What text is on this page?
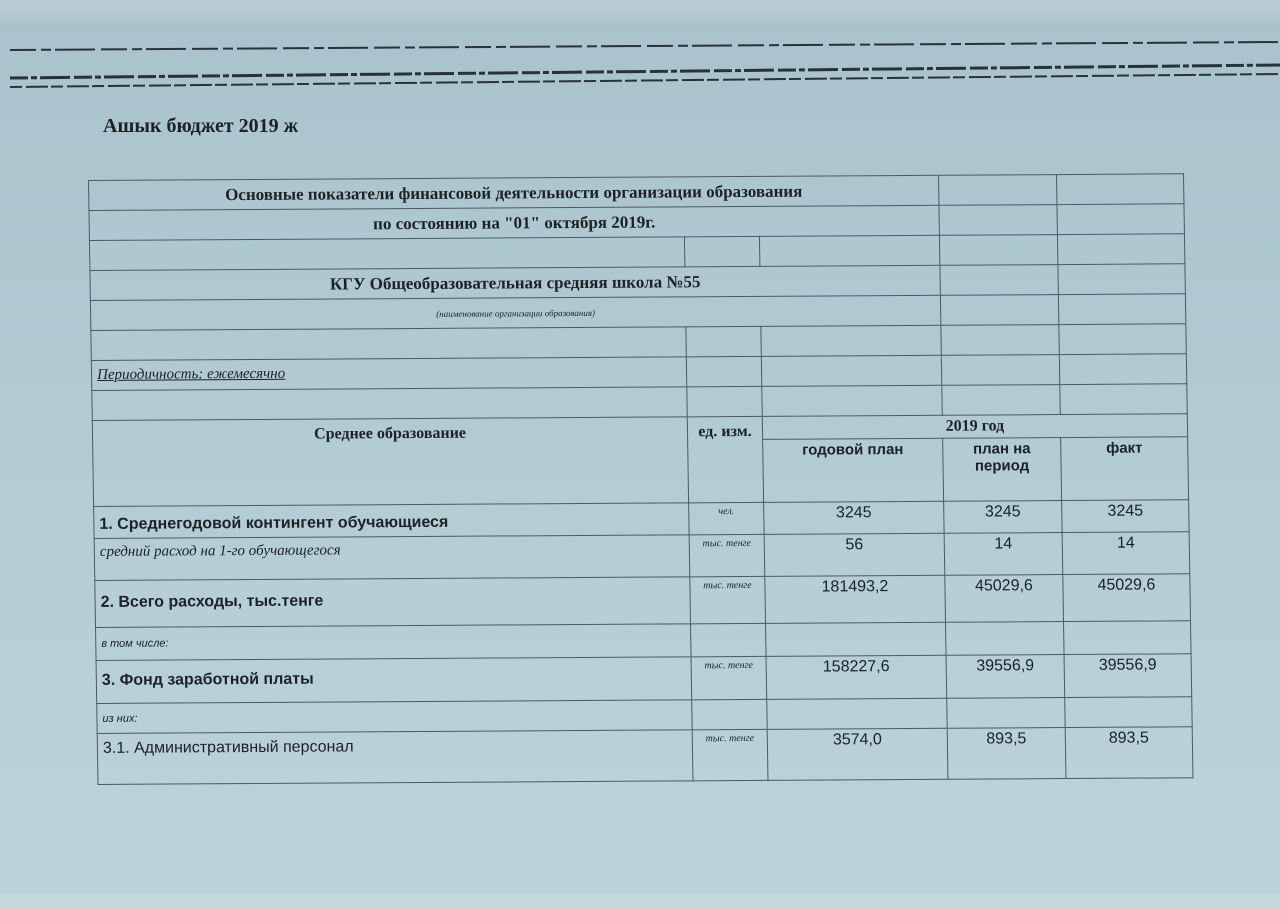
Ашык бюджет 2019 ж
Основные показатели финансовой деятельности организации образования				
по состоянию на "01" октября 2019г.				

КГУ Общеобразовательная средняя школа №55				
(наименование организации образования)				

Периодичность: ежемесячно				

Среднее образование	ед. изм.	2019 год		
		годовой план	план на период	факт
1. Среднегодовой контингент обучающиеся	чел.	3245	3245	3245
средний расход на 1-го обучающегося	тыс. тенге	56	14	14
2. Всего расходы, тыс.тенге	тыс. тенге	181493,2	45029,6	45029,6
в том числе:				
3. Фонд заработной платы	тыс. тенге	158227,6	39556,9	39556,9
из них:				
3.1. Административный персонал	тыс. тенге	3574,0	893,5	893,5
